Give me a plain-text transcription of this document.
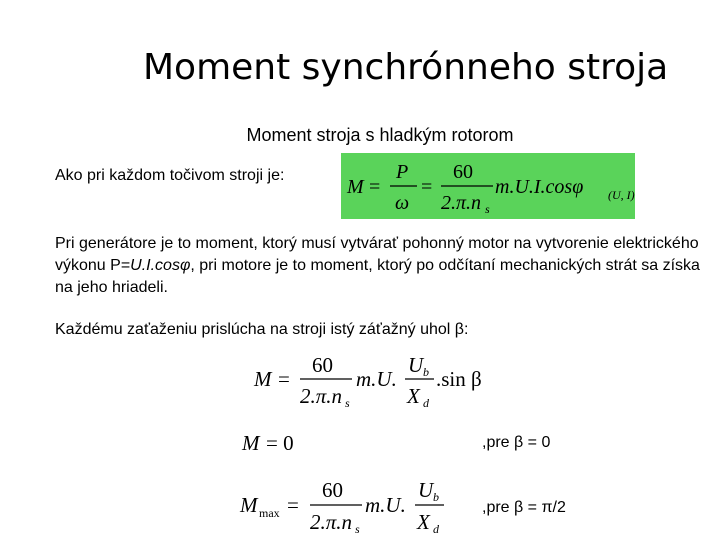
Moment synchrónneho stroja
Moment stroja s hladkým rotorom
Ako pri každom točivom stroji je:
M =
P
ω
=
60
2.π.n s
m.U.I.cosφ (U, I)
Pri generátore je to moment, ktorý musí vytvárať pohonný motor na vytvorenie elektrického výkonu P=U.I.cosφ, pri motore je to moment, ktorý po odčítaní mechanických strát sa získa na jeho hriadeli.
Každému zaťaženiu prislúcha na stroji istý záťažný uhol β:
M =
60
2.π.n s
m.U.
U b
X d
.sin β
M = 0	,pre β = 0
M max =
60
2.π.n s
m.U.
U b
X d
,pre β = π/2
